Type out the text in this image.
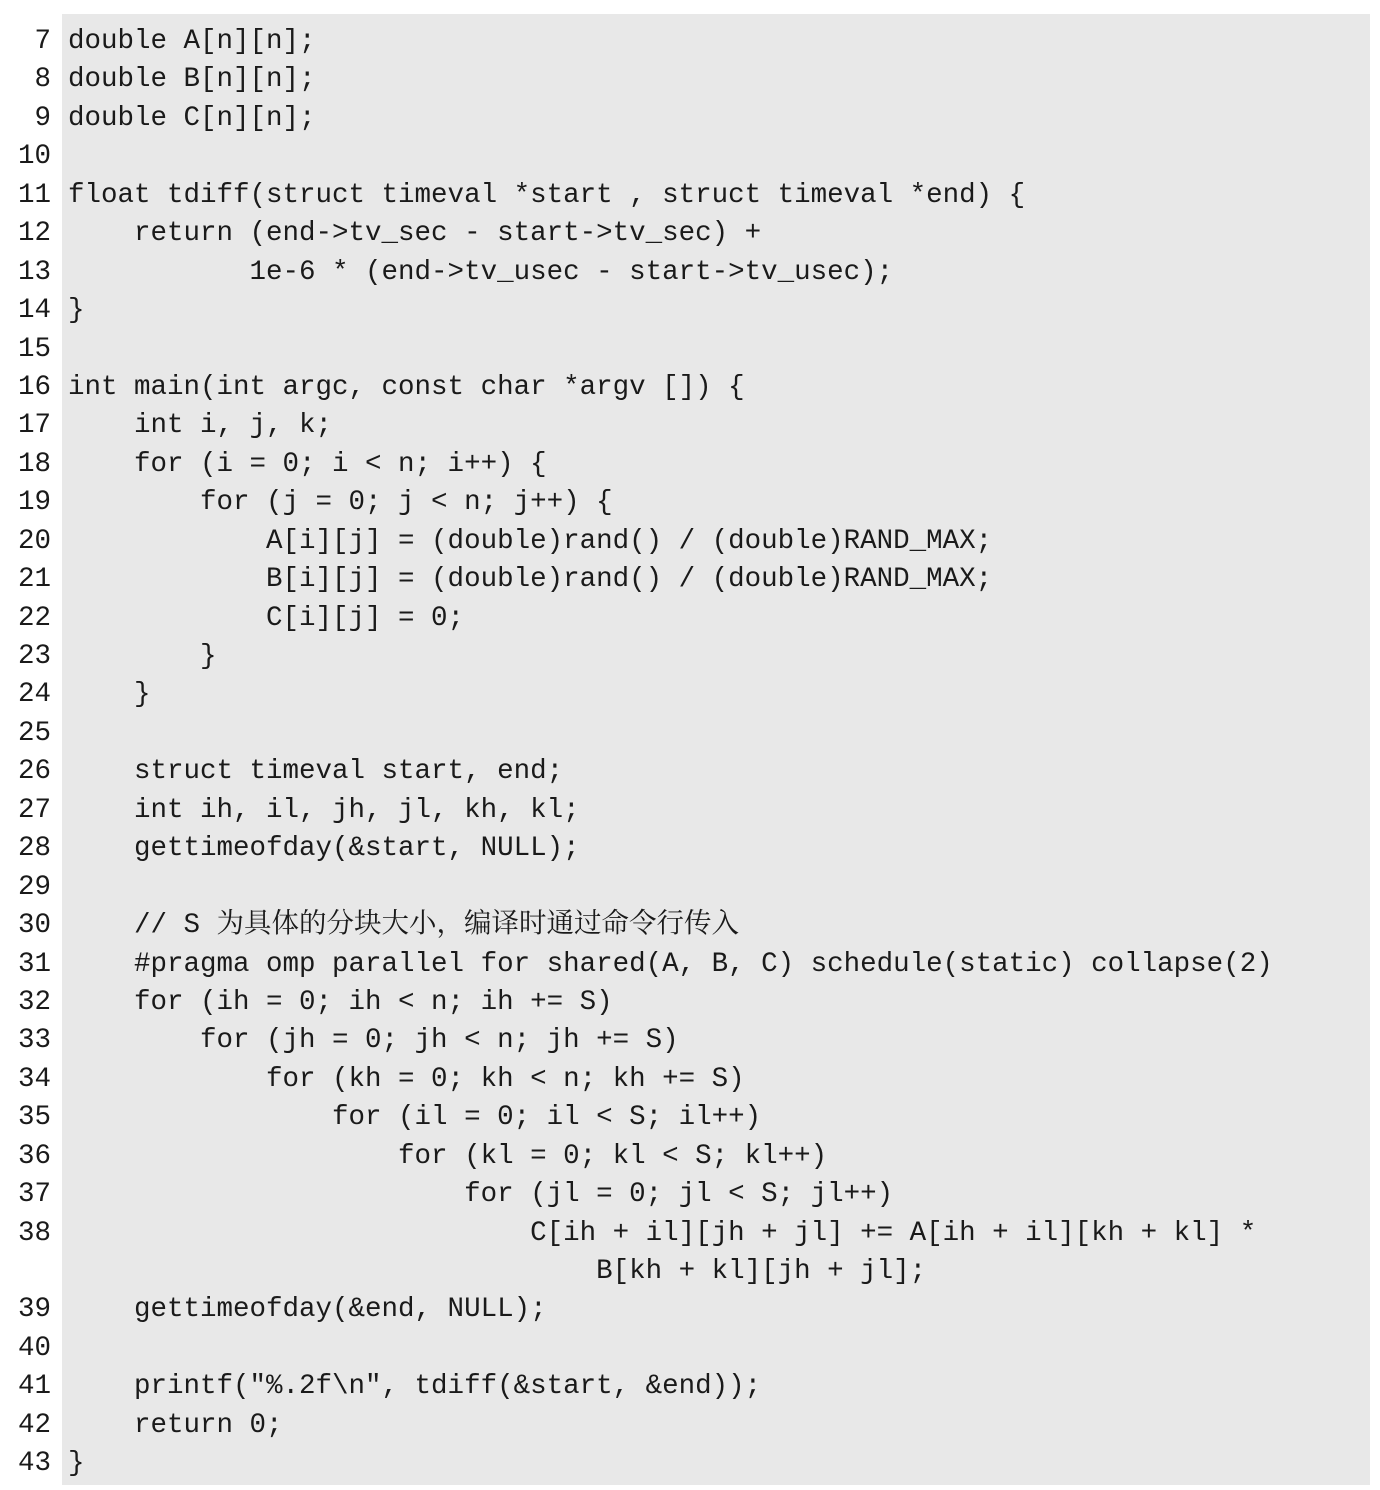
7 double A[n][n];
8 double B[n][n];
9 double C[n][n];
10
11 float tdiff(struct timeval *start , struct timeval *end) {
12 return (end->tv_sec - start->tv_sec) +
13 1e-6 * (end->tv_usec - start->tv_usec);
14 }
15
16 int main(int argc, const char *argv []) {
17 int i, j, k;
18 for (i = 0; i < n; i++) {
19 for (j = 0; j < n; j++) {
20 A[i][j] = (double)rand() / (double)RAND_MAX;
21 B[i][j] = (double)rand() / (double)RAND_MAX;
22 C[i][j] = 0;
23 }
24 }
25
26 struct timeval start, end;
27 int ih, il, jh, jl, kh, kl;
28 gettimeofday(&start, NULL);
29
30 // S 为具体的分块大小，编译时通过命令行传入
31 #pragma omp parallel for shared(A, B, C) schedule(static) collapse(2)
32 for (ih = 0; ih < n; ih += S)
33 for (jh = 0; jh < n; jh += S)
34 for (kh = 0; kh < n; kh += S)
35 for (il = 0; il < S; il++)
36 for (kl = 0; kl < S; kl++)
37 for (jl = 0; jl < S; jl++)
38 C[ih + il][jh + jl] += A[ih + il][kh + kl] *
B[kh + kl][jh + jl];
39 gettimeofday(&end, NULL);
40
41 printf("%.2f\n", tdiff(&start, &end));
42 return 0;
43 }
